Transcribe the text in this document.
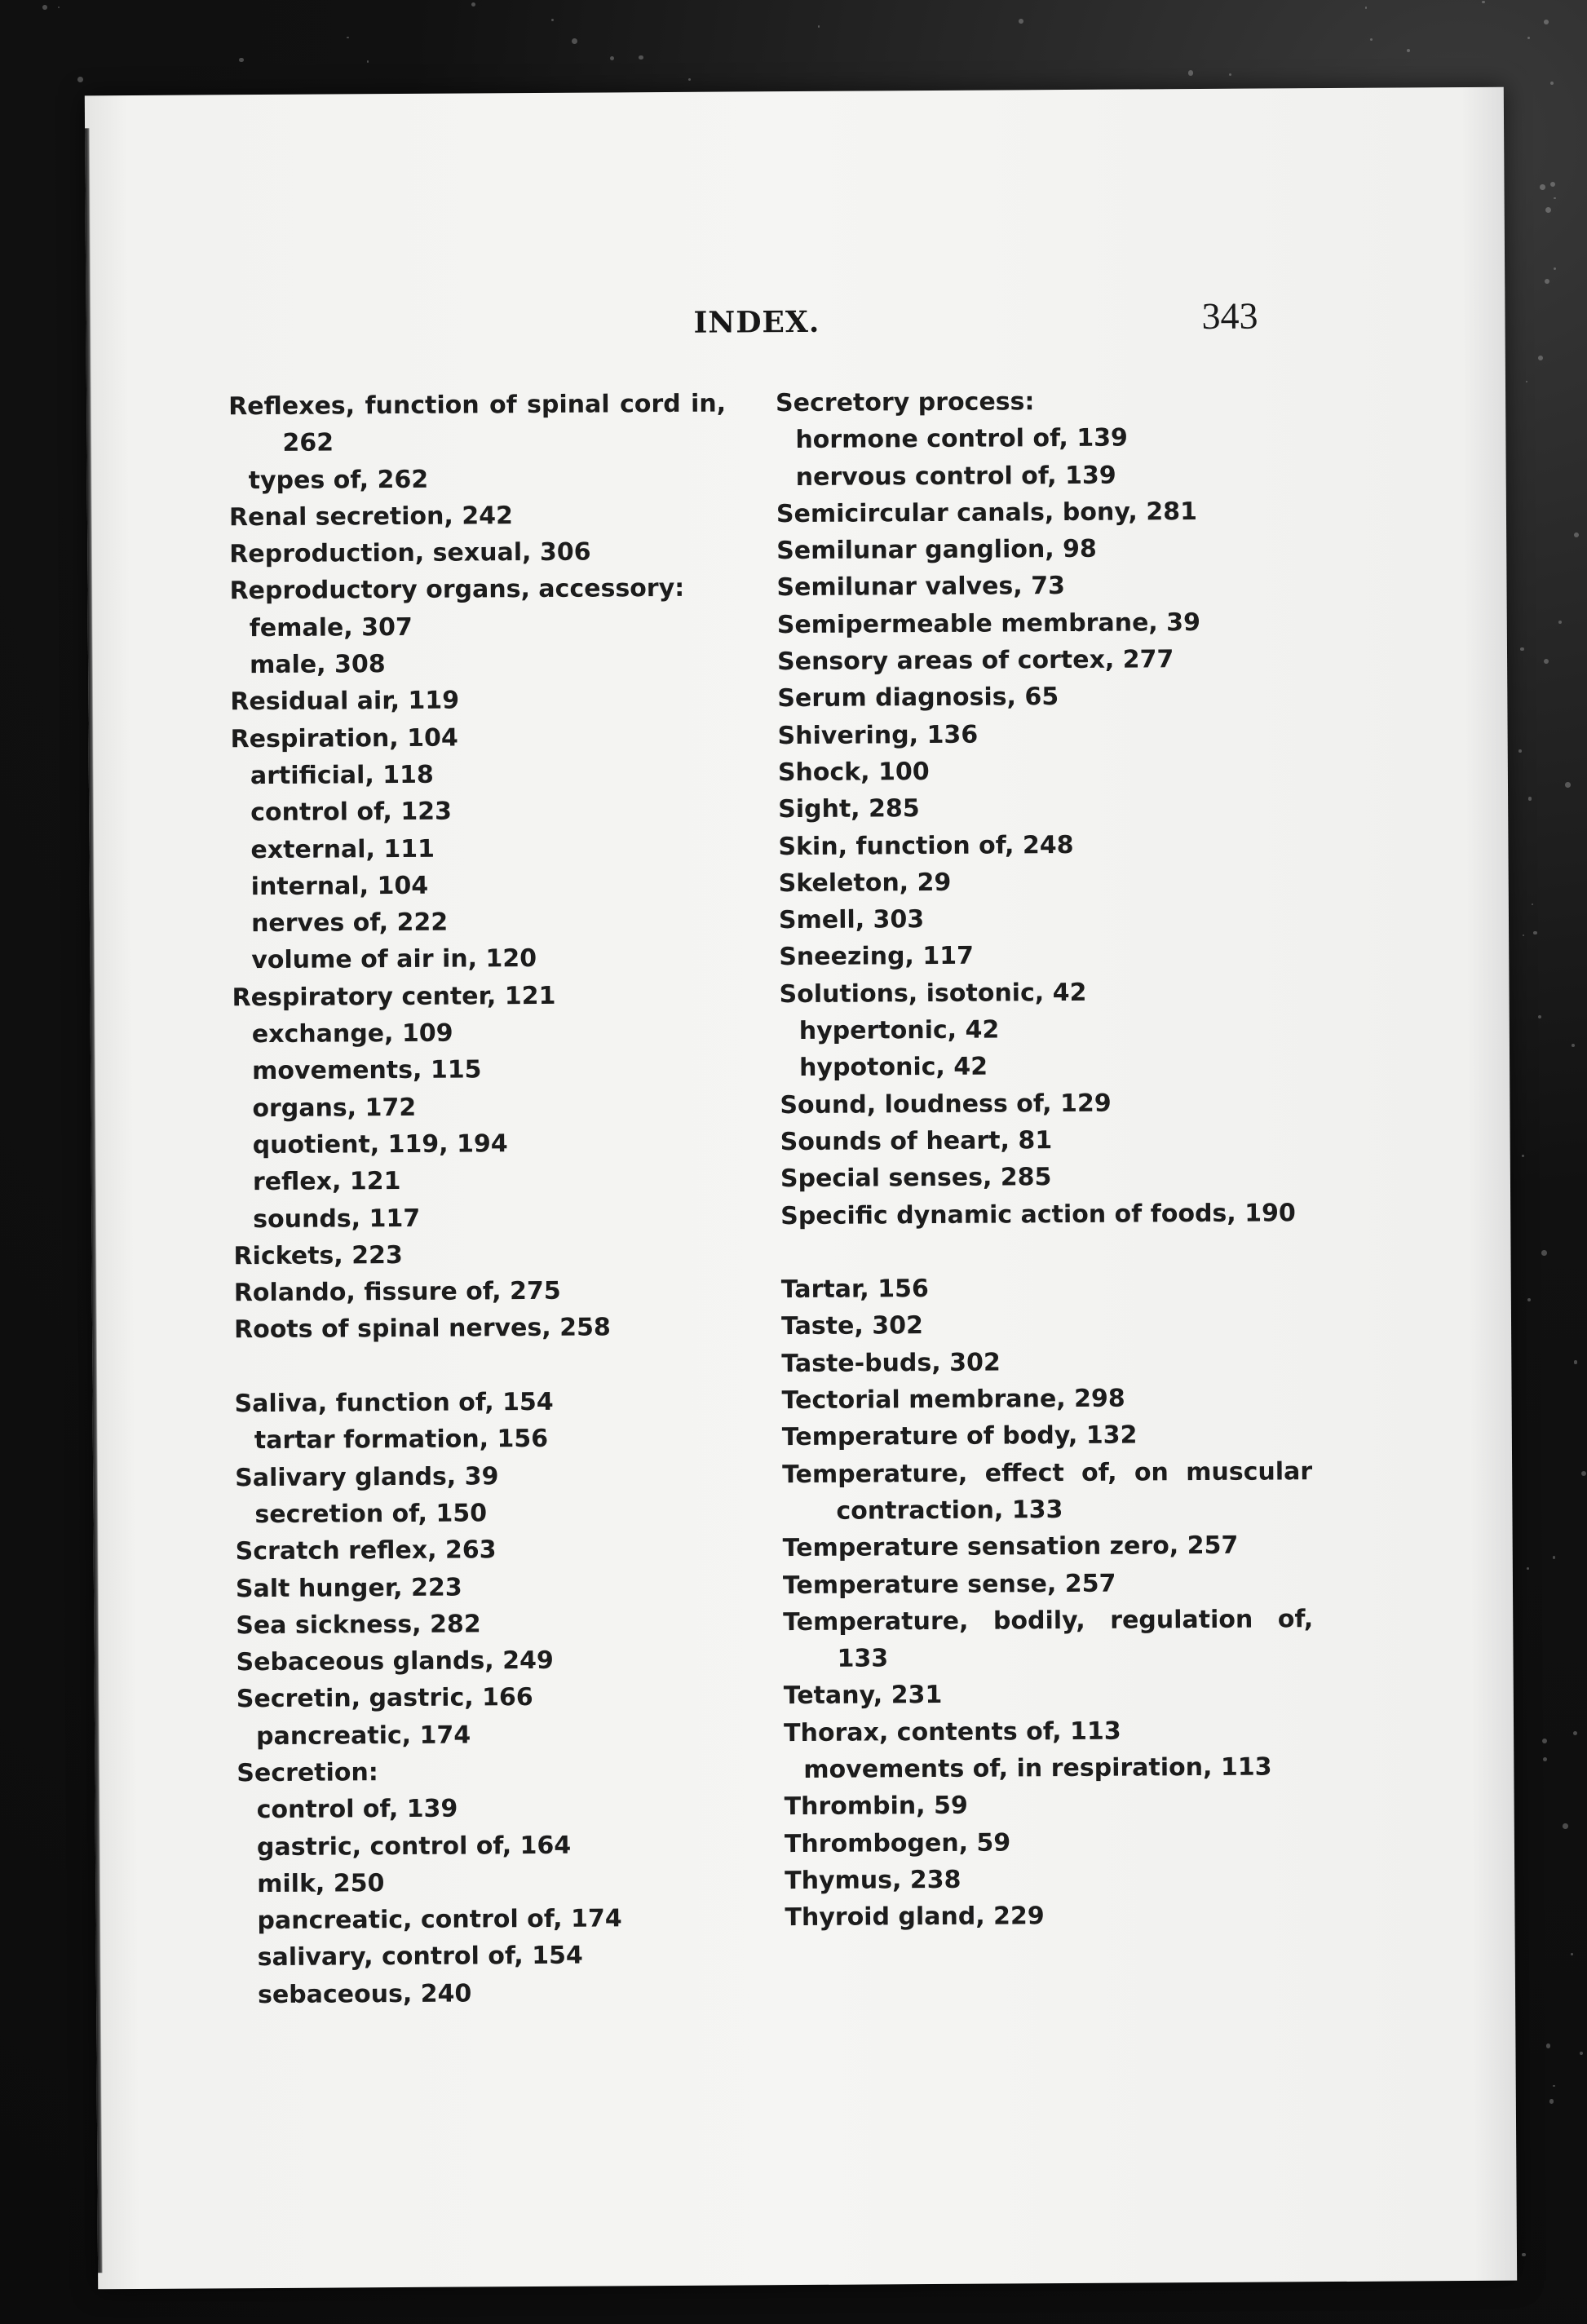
INDEX.	343
Reflexes, function of spinal cord in, 262
types of, 262
Renal secretion, 242
Reproduction, sexual, 306
Reproductory organs, accessory:
female, 307
male, 308
Residual air, 119
Respiration, 104
artificial, 118
control of, 123
external, 111
internal, 104
nerves of, 222
volume of air in, 120
Respiratory center, 121
exchange, 109
movements, 115
organs, 172
quotient, 119, 194
reflex, 121
sounds, 117
Rickets, 223
Rolando, fissure of, 275
Roots of spinal nerves, 258
Saliva, function of, 154
tartar formation, 156
Salivary glands, 39
secretion of, 150
Scratch reflex, 263
Salt hunger, 223
Sea sickness, 282
Sebaceous glands, 249
Secretin, gastric, 166
pancreatic, 174
Secretion:
control of, 139
gastric, control of, 164
milk, 250
pancreatic, control of, 174
salivary, control of, 154
sebaceous, 240
Secretory process:
hormone control of, 139
nervous control of, 139
Semicircular canals, bony, 281
Semilunar ganglion, 98
Semilunar valves, 73
Semipermeable membrane, 39
Sensory areas of cortex, 277
Serum diagnosis, 65
Shivering, 136
Shock, 100
Sight, 285
Skin, function of, 248
Skeleton, 29
Smell, 303
Sneezing, 117
Solutions, isotonic, 42
hypertonic, 42
hypotonic, 42
Sound, loudness of, 129
Sounds of heart, 81
Special senses, 285
Specific dynamic action of foods, 190
Tartar, 156
Taste, 302
Taste-buds, 302
Tectorial membrane, 298
Temperature of body, 132
Temperature, effect of, on muscular contraction, 133
Temperature sensation zero, 257
Temperature sense, 257
Temperature, bodily, regulation of, 133
Tetany, 231
Thorax, contents of, 113
movements of, in respiration, 113
Thrombin, 59
Thrombogen, 59
Thymus, 238
Thyroid gland, 229
